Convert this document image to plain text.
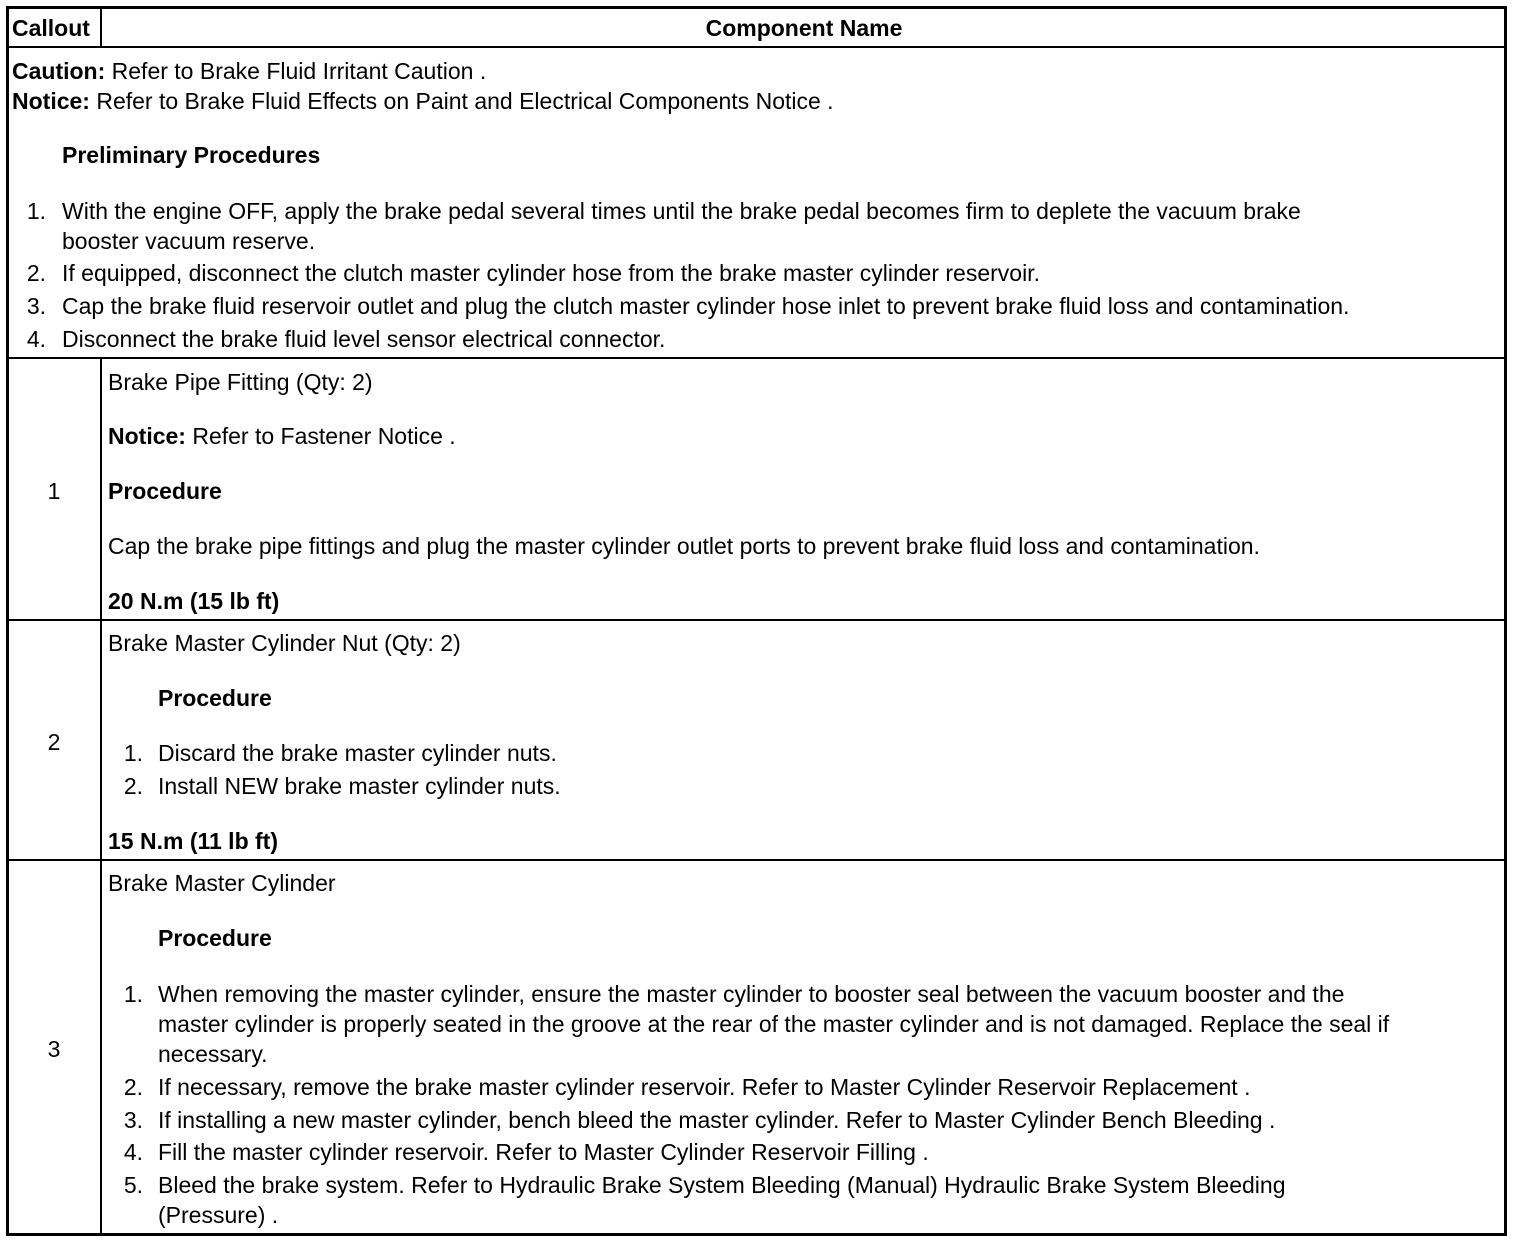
Callout	Component Name
Caution: Refer to Brake Fluid Irritant Caution .
Notice: Refer to Brake Fluid Effects on Paint and Electrical Components Notice .
Preliminary Procedures
1. With the engine OFF, apply the brake pedal several times until the brake pedal becomes firm to deplete the vacuum brake
booster vacuum reserve.
2. If equipped, disconnect the clutch master cylinder hose from the brake master cylinder reservoir.
3. Cap the brake fluid reservoir outlet and plug the clutch master cylinder hose inlet to prevent brake fluid loss and contamination.
4. Disconnect the brake fluid level sensor electrical connector.
1
Brake Pipe Fitting (Qty: 2)
Notice: Refer to Fastener Notice .
Procedure
Cap the brake pipe fittings and plug the master cylinder outlet ports to prevent brake fluid loss and contamination.
20 N.m (15 lb ft)
2
Brake Master Cylinder Nut (Qty: 2)
Procedure
1. Discard the brake master cylinder nuts.
2. Install NEW brake master cylinder nuts.
15 N.m (11 lb ft)
3
Brake Master Cylinder
Procedure
1. When removing the master cylinder, ensure the master cylinder to booster seal between the vacuum booster and the
master cylinder is properly seated in the groove at the rear of the master cylinder and is not damaged. Replace the seal if
necessary.
2. If necessary, remove the brake master cylinder reservoir. Refer to Master Cylinder Reservoir Replacement .
3. If installing a new master cylinder, bench bleed the master cylinder. Refer to Master Cylinder Bench Bleeding .
4. Fill the master cylinder reservoir. Refer to Master Cylinder Reservoir Filling .
5. Bleed the brake system. Refer to Hydraulic Brake System Bleeding (Manual) Hydraulic Brake System Bleeding
(Pressure) .
